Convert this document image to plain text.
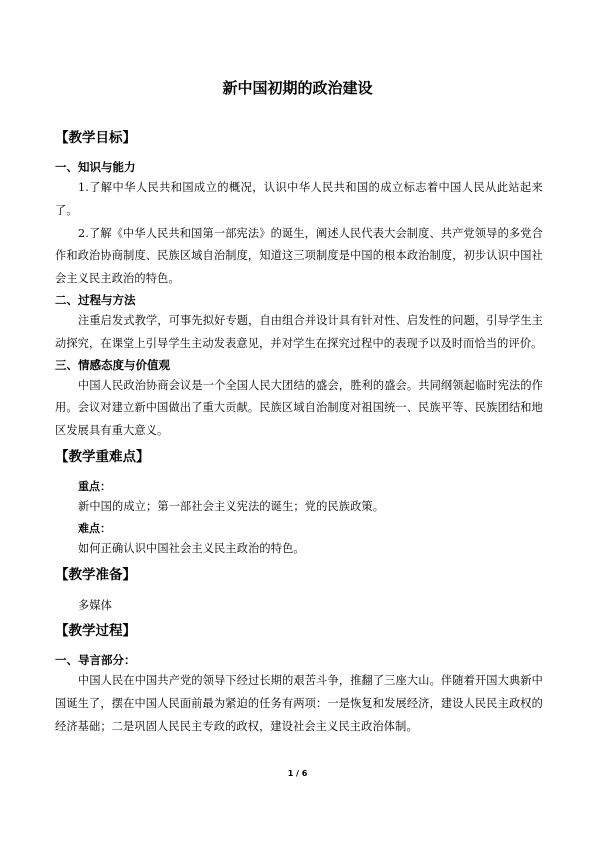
新中国初期的政治建设
【教学目标】
一、知识与能力

1.了解中华人民共和国成立的概况，认识中华人民共和国的成立标志着中国人民从此站起来了。

2.了解《中华人民共和国第一部宪法》的诞生，阐述人民代表大会制度、共产党领导的多党合作和政治协商制度、民族区域自治制度，知道这三项制度是中国的根本政治制度，初步认识中国社会主义民主政治的特色。

二、过程与方法

注重启发式教学，可事先拟好专题，自由组合并设计具有针对性、启发性的问题，引导学生主动探究，在课堂上引导学生主动发表意见，并对学生在探究过程中的表现予以及时而恰当的评价。

三、情感态度与价值观

中国人民政治协商会议是一个全国人民大团结的盛会，胜利的盛会。共同纲领起临时宪法的作用。会议对建立新中国做出了重大贡献。民族区域自治制度对祖国统一、民族平等、民族团结和地区发展具有重大意义。

【教学重难点】
重点：

新中国的成立；第一部社会主义宪法的诞生；党的民族政策。

难点：

如何正确认识中国社会主义民主政治的特色。

【教学准备】

多媒体

【教学过程】
一、导言部分：

中国人民在中国共产党的领导下经过长期的艰苦斗争，推翻了三座大山。伴随着开国大典新中国诞生了，摆在中国人民面前最为紧迫的任务有两项：一是恢复和发展经济，建设人民民主政权的经济基础；二是巩固人民民主专政的政权，建设社会主义民主政治体制。

1 / 6
